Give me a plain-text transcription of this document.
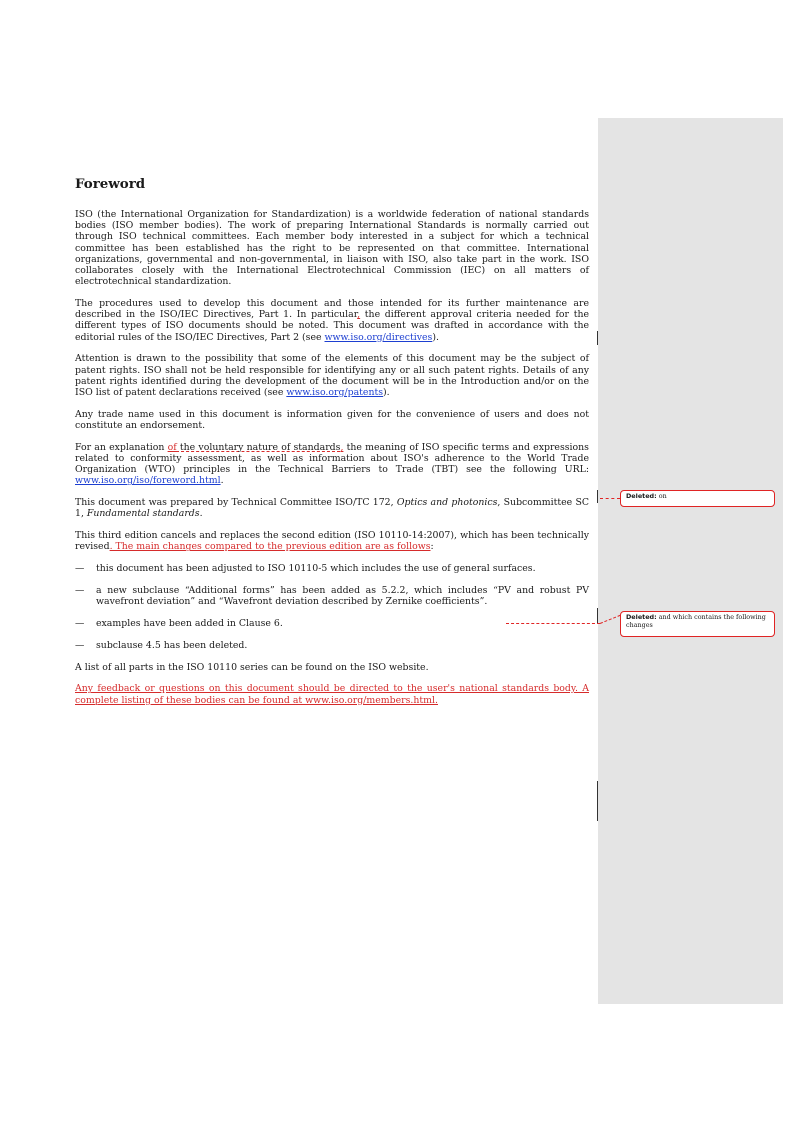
Foreword

ISO (the International Organization for Standardization) is a worldwide federation of national standards bodies (ISO member bodies). The work of preparing International Standards is normally carried out through ISO technical committees. Each member body interested in a subject for which a technical committee has been established has the right to be represented on that committee. International organizations, governmental and non-governmental, in liaison with ISO, also take part in the work. ISO collaborates closely with the International Electrotechnical Commission (IEC) on all matters of electrotechnical standardization.

The procedures used to develop this document and those intended for its further maintenance are described in the ISO/IEC Directives, Part 1. In particular, the different approval criteria needed for the different types of ISO documents should be noted. This document was drafted in accordance with the editorial rules of the ISO/IEC Directives, Part 2 (see www.iso.org/directives).

Attention is drawn to the possibility that some of the elements of this document may be the subject of patent rights. ISO shall not be held responsible for identifying any or all such patent rights. Details of any patent rights identified during the development of the document will be in the Introduction and/or on the ISO list of patent declarations received (see www.iso.org/patents).

Any trade name used in this document is information given for the convenience of users and does not constitute an endorsement.

For an explanation of the voluntary nature of standards, the meaning of ISO specific terms and expressions related to conformity assessment, as well as information about ISO's adherence to the World Trade Organization (WTO) principles in the Technical Barriers to Trade (TBT) see the following URL: www.iso.org/iso/foreword.html.

This document was prepared by Technical Committee ISO/TC 172, Optics and photonics, Subcommittee SC 1, Fundamental standards.

This third edition cancels and replaces the second edition (ISO 10110-14:2007), which has been technically revised. The main changes compared to the previous edition are as follows:

—	this document has been adjusted to ISO 10110-5 which includes the use of general surfaces.
—	a new subclause “Additional forms” has been added as 5.2.2, which includes “PV and robust PV wavefront deviation” and “Wavefront deviation described by Zernike coefficients”.
—	examples have been added in Clause 6.
—	subclause 4.5 has been deleted.

A list of all parts in the ISO 10110 series can be found on the ISO website.

Any feedback or questions on this document should be directed to the user's national standards body. A complete listing of these bodies can be found at www.iso.org/members.html.

Deleted: on
Deleted: and which contains the following changes
